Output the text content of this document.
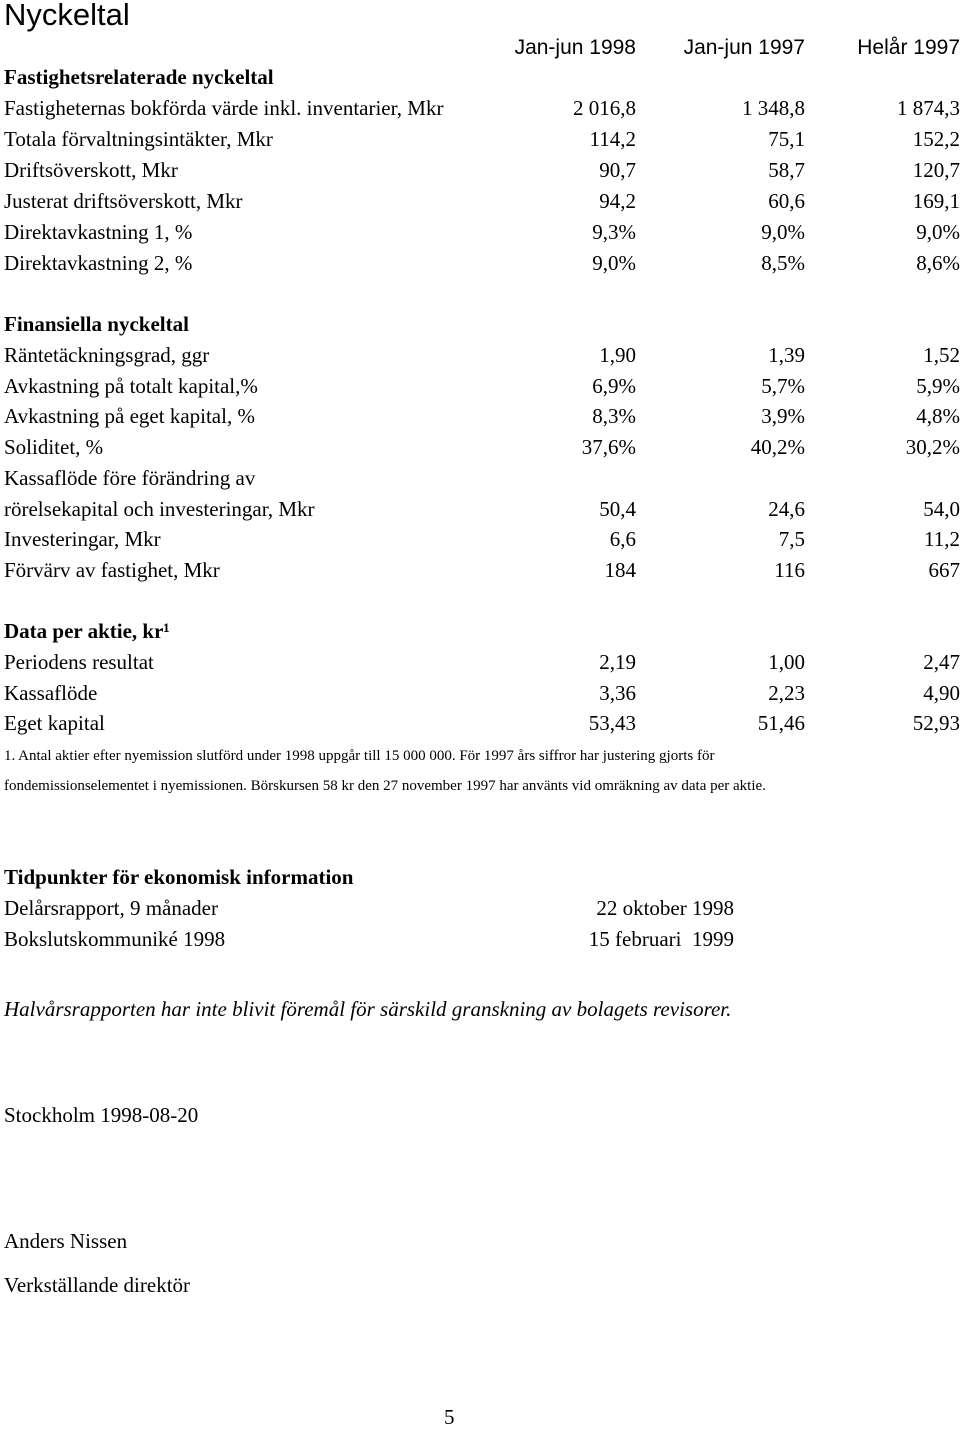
Nyckeltal
Jan-jun 1998	Jan-jun 1997	Helår 1997
Fastighetsrelaterade nyckeltal
Fastigheternas bokförda värde inkl. inventarier, Mkr	2 016,8	1 348,8	1 874,3
Totala förvaltningsintäkter, Mkr	114,2	75,1	152,2
Driftsöverskott, Mkr	90,7	58,7	120,7
Justerat driftsöverskott, Mkr	94,2	60,6	169,1
Direktavkastning 1, %	9,3%	9,0%	9,0%
Direktavkastning 2, %	9,0%	8,5%	8,6%
Finansiella nyckeltal
Räntetäckningsgrad, ggr	1,90	1,39	1,52
Avkastning på totalt kapital,%	6,9%	5,7%	5,9%
Avkastning på eget kapital, %	8,3%	3,9%	4,8%
Soliditet, %	37,6%	40,2%	30,2%
Kassaflöde före förändring av
rörelsekapital och investeringar, Mkr	50,4	24,6	54,0
Investeringar, Mkr	6,6	7,5	11,2
Förvärv av fastighet, Mkr	184	116	667
Data per aktie, kr¹
Periodens resultat	2,19	1,00	2,47
Kassaflöde	3,36	2,23	4,90
Eget kapital	53,43	51,46	52,93
1. Antal aktier efter nyemission slutförd under 1998 uppgår till 15 000 000. För 1997 års siffror har justering gjorts för
fondemissionselementet i nyemissionen. Börskursen 58 kr den 27 november 1997 har använts vid omräkning av data per aktie.
Tidpunkter för ekonomisk information
Delårsrapport, 9 månader	22 oktober 1998
Bokslutskommuniké 1998	15 februari  1999
Halvårsrapporten har inte blivit föremål för särskild granskning av bolagets revisorer.
Stockholm 1998-08-20
Anders Nissen
Verkställande direktör
5
